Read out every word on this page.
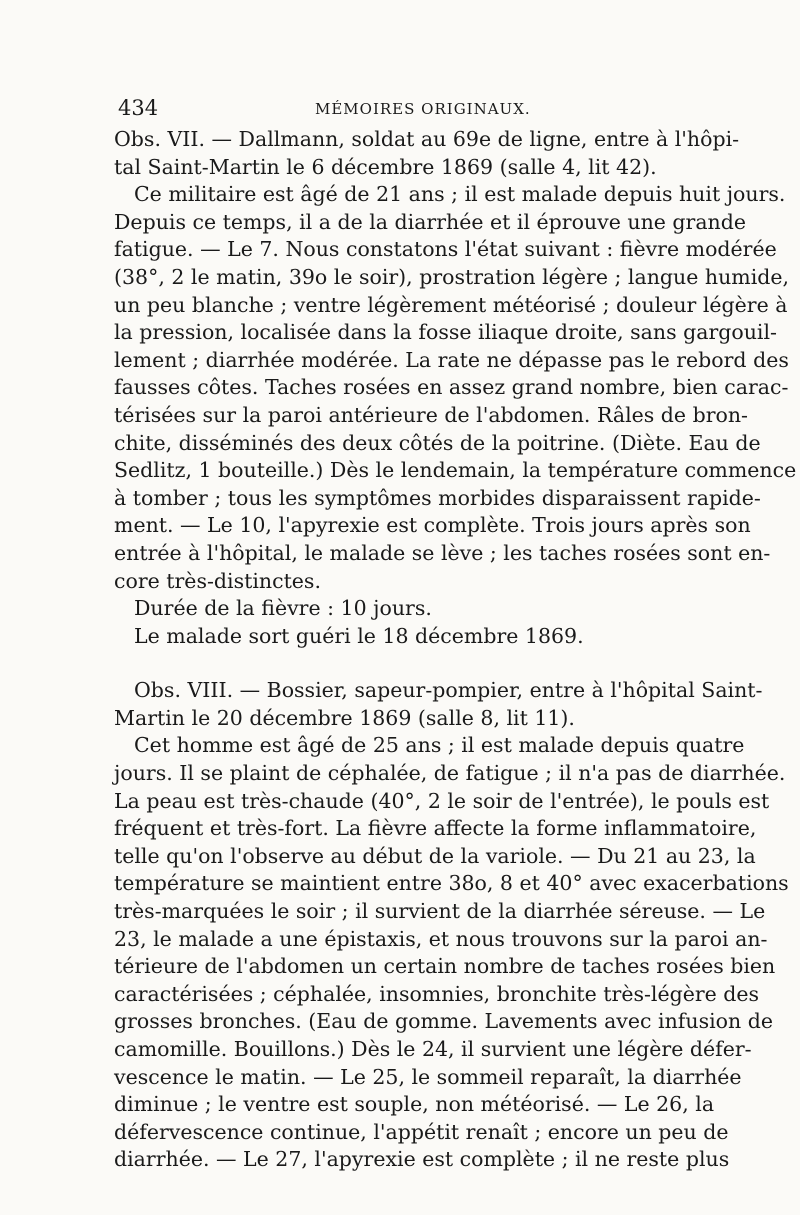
434	MÉMOIRES ORIGINAUX.
Obs. VII. — Dallmann, soldat au 69e de ligne, entre à l'hôpi-
tal Saint-Martin le 6 décembre 1869 (salle 4, lit 42).
Ce militaire est âgé de 21 ans ; il est malade depuis huit jours.
Depuis ce temps, il a de la diarrhée et il éprouve une grande
fatigue. — Le 7. Nous constatons l'état suivant : fièvre modérée
(38°, 2 le matin, 39o le soir), prostration légère ; langue humide,
un peu blanche ; ventre légèrement météorisé ; douleur légère à
la pression, localisée dans la fosse iliaque droite, sans gargouil-
lement ; diarrhée modérée. La rate ne dépasse pas le rebord des
fausses côtes. Taches rosées en assez grand nombre, bien carac-
térisées sur la paroi antérieure de l'abdomen. Râles de bron-
chite, disséminés des deux côtés de la poitrine. (Diète. Eau de
Sedlitz, 1 bouteille.) Dès le lendemain, la température commence
à tomber ; tous les symptômes morbides disparaissent rapide-
ment. — Le 10, l'apyrexie est complète. Trois jours après son
entrée à l'hôpital, le malade se lève ; les taches rosées sont en-
core très-distinctes.
Durée de la fièvre : 10 jours.
Le malade sort guéri le 18 décembre 1869.
Obs. VIII. — Bossier, sapeur-pompier, entre à l'hôpital Saint-
Martin le 20 décembre 1869 (salle 8, lit 11).
Cet homme est âgé de 25 ans ; il est malade depuis quatre
jours. Il se plaint de céphalée, de fatigue ; il n'a pas de diarrhée.
La peau est très-chaude (40°, 2 le soir de l'entrée), le pouls est
fréquent et très-fort. La fièvre affecte la forme inflammatoire,
telle qu'on l'observe au début de la variole. — Du 21 au 23, la
température se maintient entre 38o, 8 et 40° avec exacerbations
très-marquées le soir ; il survient de la diarrhée séreuse. — Le
23, le malade a une épistaxis, et nous trouvons sur la paroi an-
térieure de l'abdomen un certain nombre de taches rosées bien
caractérisées ; céphalée, insomnies, bronchite très-légère des
grosses bronches. (Eau de gomme. Lavements avec infusion de
camomille. Bouillons.) Dès le 24, il survient une légère défer-
vescence le matin. — Le 25, le sommeil reparaît, la diarrhée
diminue ; le ventre est souple, non météorisé. — Le 26, la
défervescence continue, l'appétit renaît ; encore un peu de
diarrhée. — Le 27, l'apyrexie est complète ; il ne reste plus
